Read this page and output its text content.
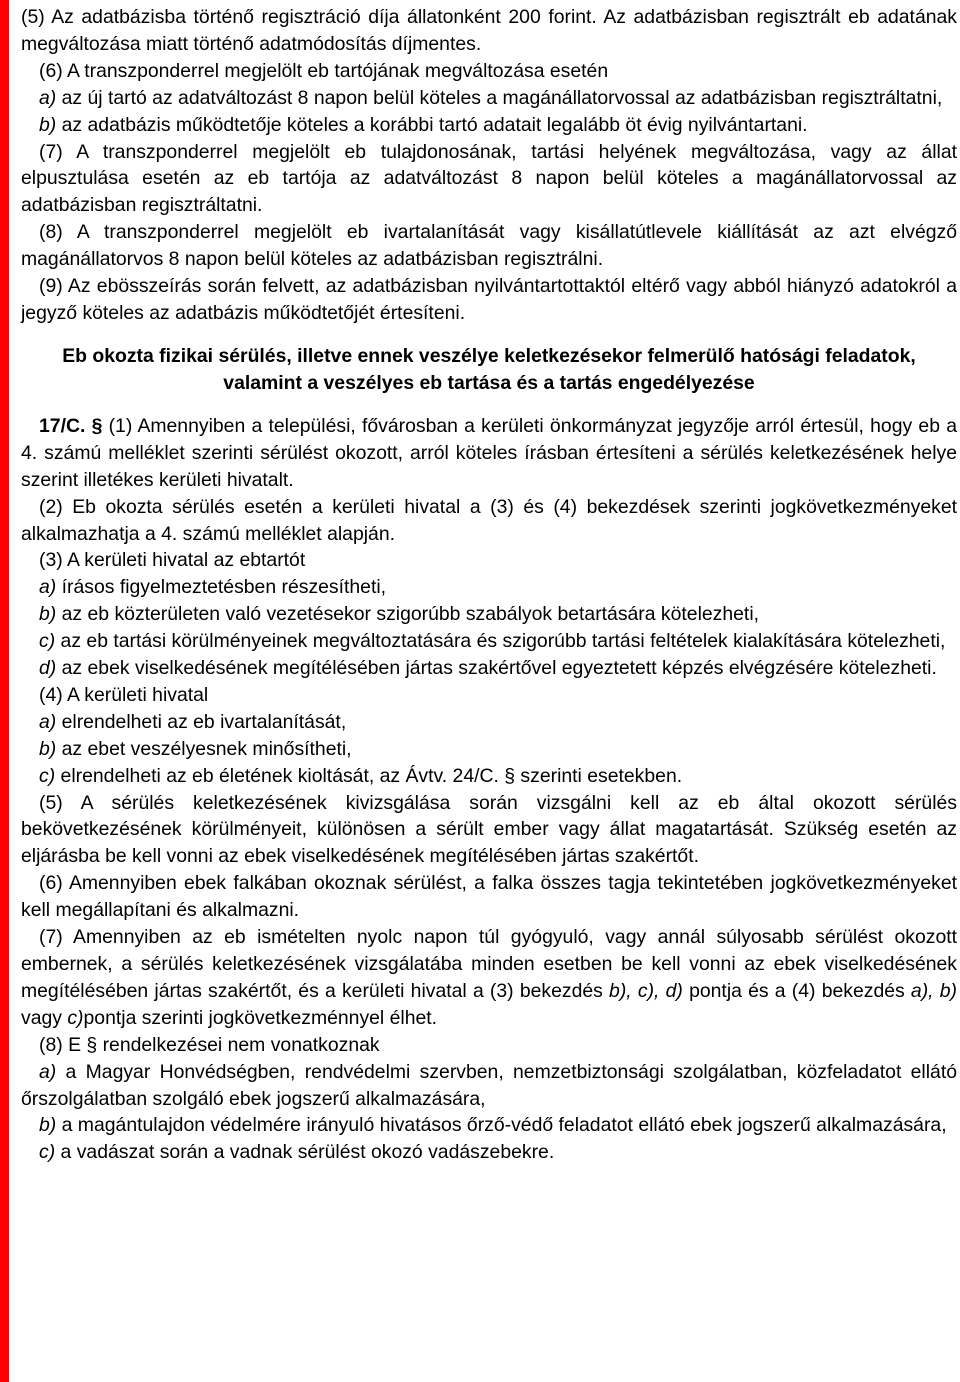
(5) Az adatbázisba történő regisztráció díja állatonként 200 forint. Az adatbázisban regisztrált eb adatának megváltozása miatt történő adatmódosítás díjmentes.

(6) A transzponderrel megjelölt eb tartójának megváltozása esetén

a) az új tartó az adatváltozást 8 napon belül köteles a magánállatorvossal az adatbázisban regisztráltatni,

b) az adatbázis működtetője köteles a korábbi tartó adatait legalább öt évig nyilvántartani.

(7) A transzponderrel megjelölt eb tulajdonosának, tartási helyének megváltozása, vagy az állat elpusztulása esetén az eb tartója az adatváltozást 8 napon belül köteles a magánállatorvossal az adatbázisban regisztráltatni.

(8) A transzponderrel megjelölt eb ivartalanítását vagy kisállatútlevele kiállítását az azt elvégző magánállatorvos 8 napon belül köteles az adatbázisban regisztrálni.

(9) Az ebösszeírás során felvett, az adatbázisban nyilvántartottaktól eltérő vagy abból hiányzó adatokról a jegyző köteles az adatbázis működtetőjét értesíteni.

Eb okozta fizikai sérülés, illetve ennek veszélye keletkezésekor felmerülő hatósági feladatok,
valamint a veszélyes eb tartása és a tartás engedélyezése

17/C. § (1) Amennyiben a települési, fővárosban a kerületi önkormányzat jegyzője arról értesül, hogy eb a 4. számú melléklet szerinti sérülést okozott, arról köteles írásban értesíteni a sérülés keletkezésének helye szerint illetékes kerületi hivatalt.

(2) Eb okozta sérülés esetén a kerületi hivatal a (3) és (4) bekezdések szerinti jogkövetkezményeket alkalmazhatja a 4. számú melléklet alapján.

(3) A kerületi hivatal az ebtartót

a) írásos figyelmeztetésben részesítheti,

b) az eb közterületen való vezetésekor szigorúbb szabályok betartására kötelezheti,

c) az eb tartási körülményeinek megváltoztatására és szigorúbb tartási feltételek kialakítására kötelezheti,

d) az ebek viselkedésének megítélésében jártas szakértővel egyeztetett képzés elvégzésére kötelezheti.

(4) A kerületi hivatal

a) elrendelheti az eb ivartalanítását,

b) az ebet veszélyesnek minősítheti,

c) elrendelheti az eb életének kioltását, az Ávtv. 24/C. § szerinti esetekben.

(5) A sérülés keletkezésének kivizsgálása során vizsgálni kell az eb által okozott sérülés bekövetkezésének körülményeit, különösen a sérült ember vagy állat magatartását. Szükség esetén az eljárásba be kell vonni az ebek viselkedésének megítélésében jártas szakértőt.

(6) Amennyiben ebek falkában okoznak sérülést, a falka összes tagja tekintetében jogkövetkezményeket kell megállapítani és alkalmazni.

(7) Amennyiben az eb ismételten nyolc napon túl gyógyuló, vagy annál súlyosabb sérülést okozott embernek, a sérülés keletkezésének vizsgálatába minden esetben be kell vonni az ebek viselkedésének megítélésében jártas szakértőt, és a kerületi hivatal a (3) bekezdés b), c), d) pontja és a (4) bekezdés a), b) vagy c)pontja szerinti jogkövetkezménnyel élhet.

(8) E § rendelkezései nem vonatkoznak

a) a Magyar Honvédségben, rendvédelmi szervben, nemzetbiztonsági szolgálatban, közfeladatot ellátó őrszolgálatban szolgáló ebek jogszerű alkalmazására,

b) a magántulajdon védelmére irányuló hivatásos őrző-védő feladatot ellátó ebek jogszerű alkalmazására,

c) a vadászat során a vadnak sérülést okozó vadászebekre.
